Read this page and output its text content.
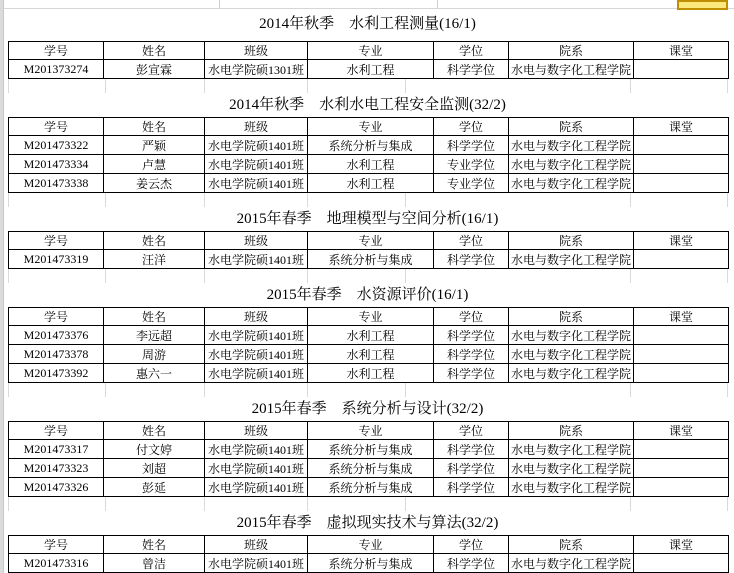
2014年秋季　水利工程测量(16/1)
学号	姓名	班级	专业	学位	院系	课堂
M201373274	彭宣霖	水电学院硕1301班	水利工程	科学学位	水电与数字化工程学院	
2014年秋季　水利水电工程安全监测(32/2)
学号	姓名	班级	专业	学位	院系	课堂
M201473322	严颖	水电学院硕1401班	系统分析与集成	科学学位	水电与数字化工程学院	
M201473334	卢慧	水电学院硕1401班	水利工程	专业学位	水电与数字化工程学院	
M201473338	姜云杰	水电学院硕1401班	水利工程	专业学位	水电与数字化工程学院	
2015年春季　地理模型与空间分析(16/1)
学号	姓名	班级	专业	学位	院系	课堂
M201473319	汪洋	水电学院硕1401班	系统分析与集成	科学学位	水电与数字化工程学院	
2015年春季　水资源评价(16/1)
学号	姓名	班级	专业	学位	院系	课堂
M201473376	李远超	水电学院硕1401班	水利工程	科学学位	水电与数字化工程学院	
M201473378	周游	水电学院硕1401班	水利工程	科学学位	水电与数字化工程学院	
M201473392	惠六一	水电学院硕1401班	水利工程	科学学位	水电与数字化工程学院	
2015年春季　系统分析与设计(32/2)
学号	姓名	班级	专业	学位	院系	课堂
M201473317	付文婷	水电学院硕1401班	系统分析与集成	科学学位	水电与数字化工程学院	
M201473323	刘超	水电学院硕1401班	系统分析与集成	科学学位	水电与数字化工程学院	
M201473326	彭延	水电学院硕1401班	系统分析与集成	科学学位	水电与数字化工程学院	
2015年春季　虚拟现实技术与算法(32/2)
学号	姓名	班级	专业	学位	院系	课堂
M201473316	曾洁	水电学院硕1401班	系统分析与集成	科学学位	水电与数字化工程学院	
